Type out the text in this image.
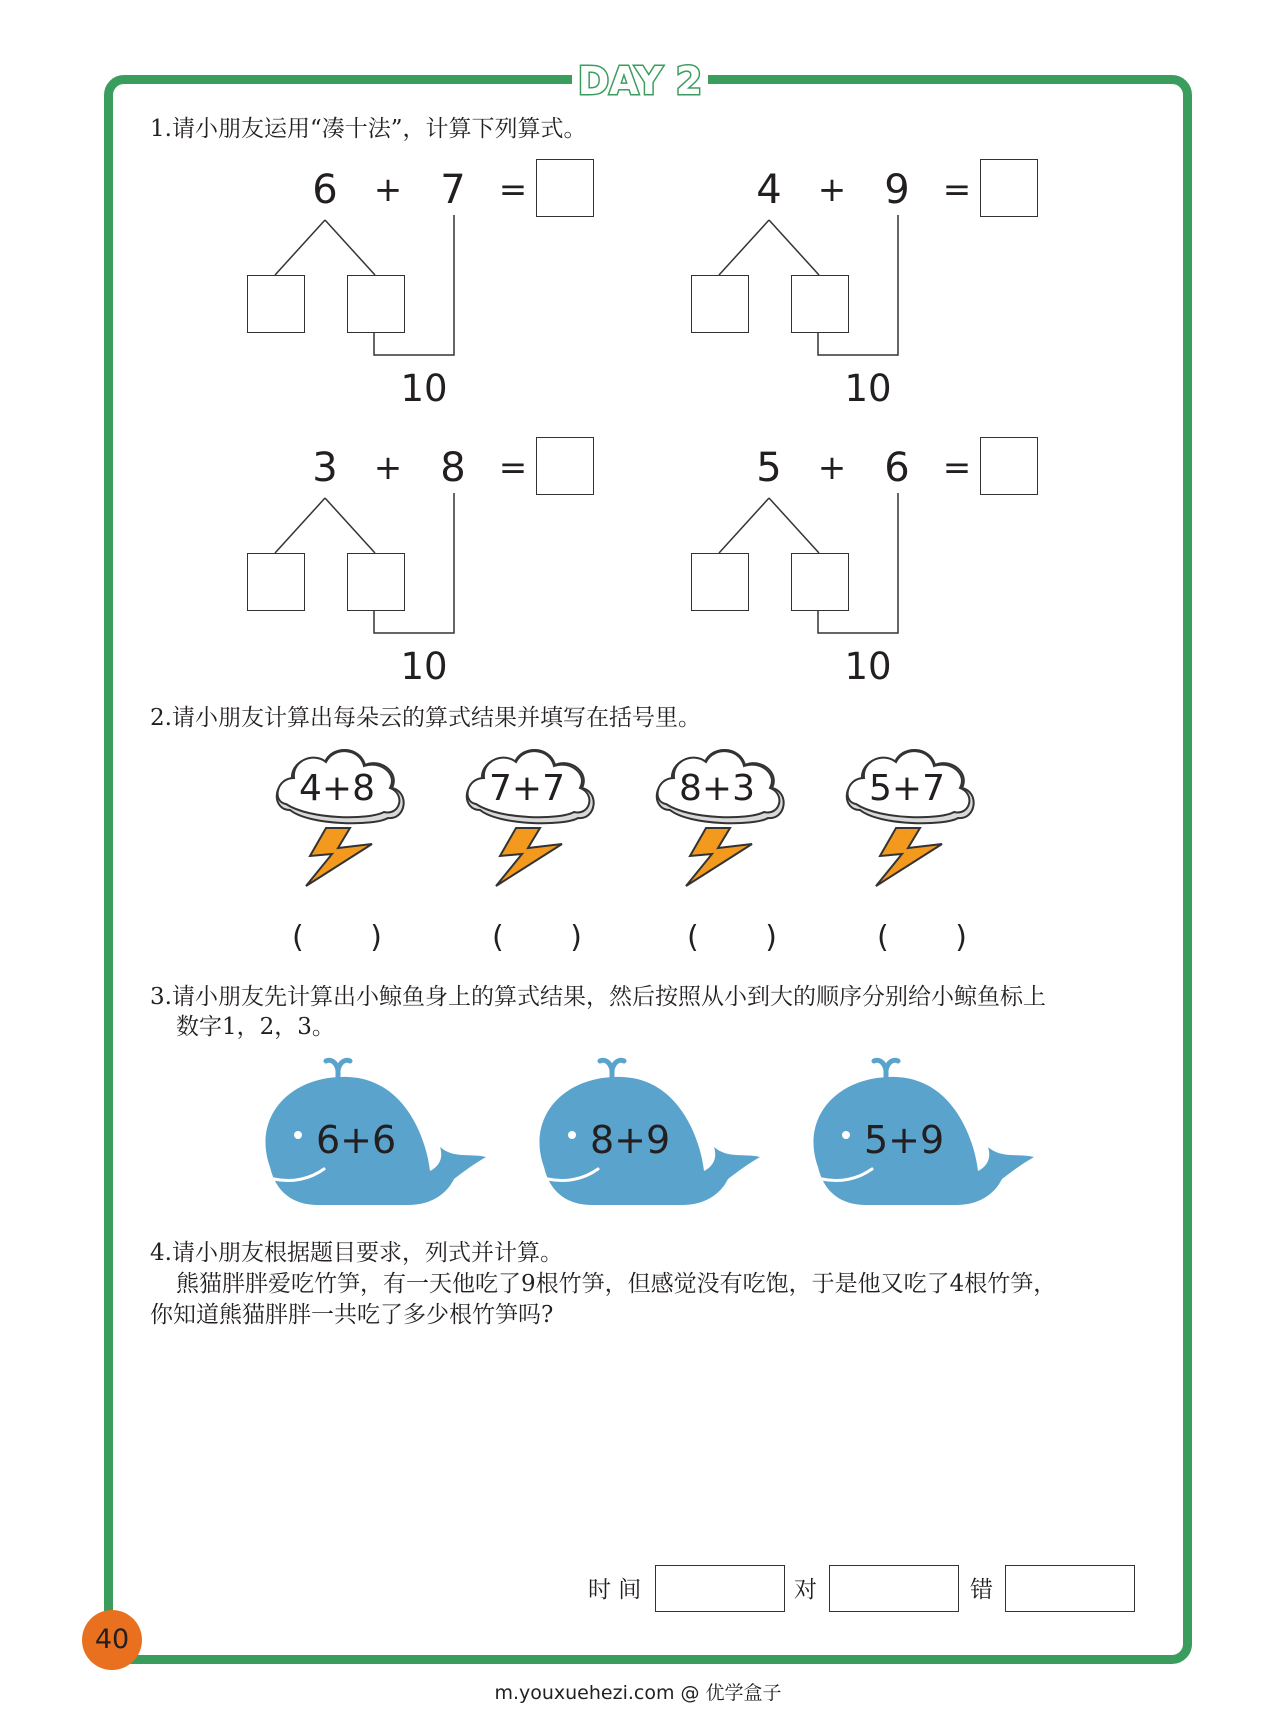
DAY 2
1.请小朋友运用“凑十法”，计算下列算式。
6	+ 7 =
10
4	+ 9 =
10
3	+ 8 =
10
5	+ 6 =
10
2.请小朋友计算出每朵云的算式结果并填写在括号里。
4+8	7+7	8+3	5+7
( )	( )	( )	( )
3.请小朋友先计算出小鲸鱼身上的算式结果，然后按照从小到大的顺序分别给小鲸鱼标上
数字1，2，3。
6+6	8+9	5+9
4.请小朋友根据题目要求，列式并计算。
熊猫胖胖爱吃竹笋，有一天他吃了9根竹笋，但感觉没有吃饱，于是他又吃了4根竹笋，
你知道熊猫胖胖一共吃了多少根竹笋吗?
时 间	对	错
40
m.youxuehezi.com @ 优学盒子
